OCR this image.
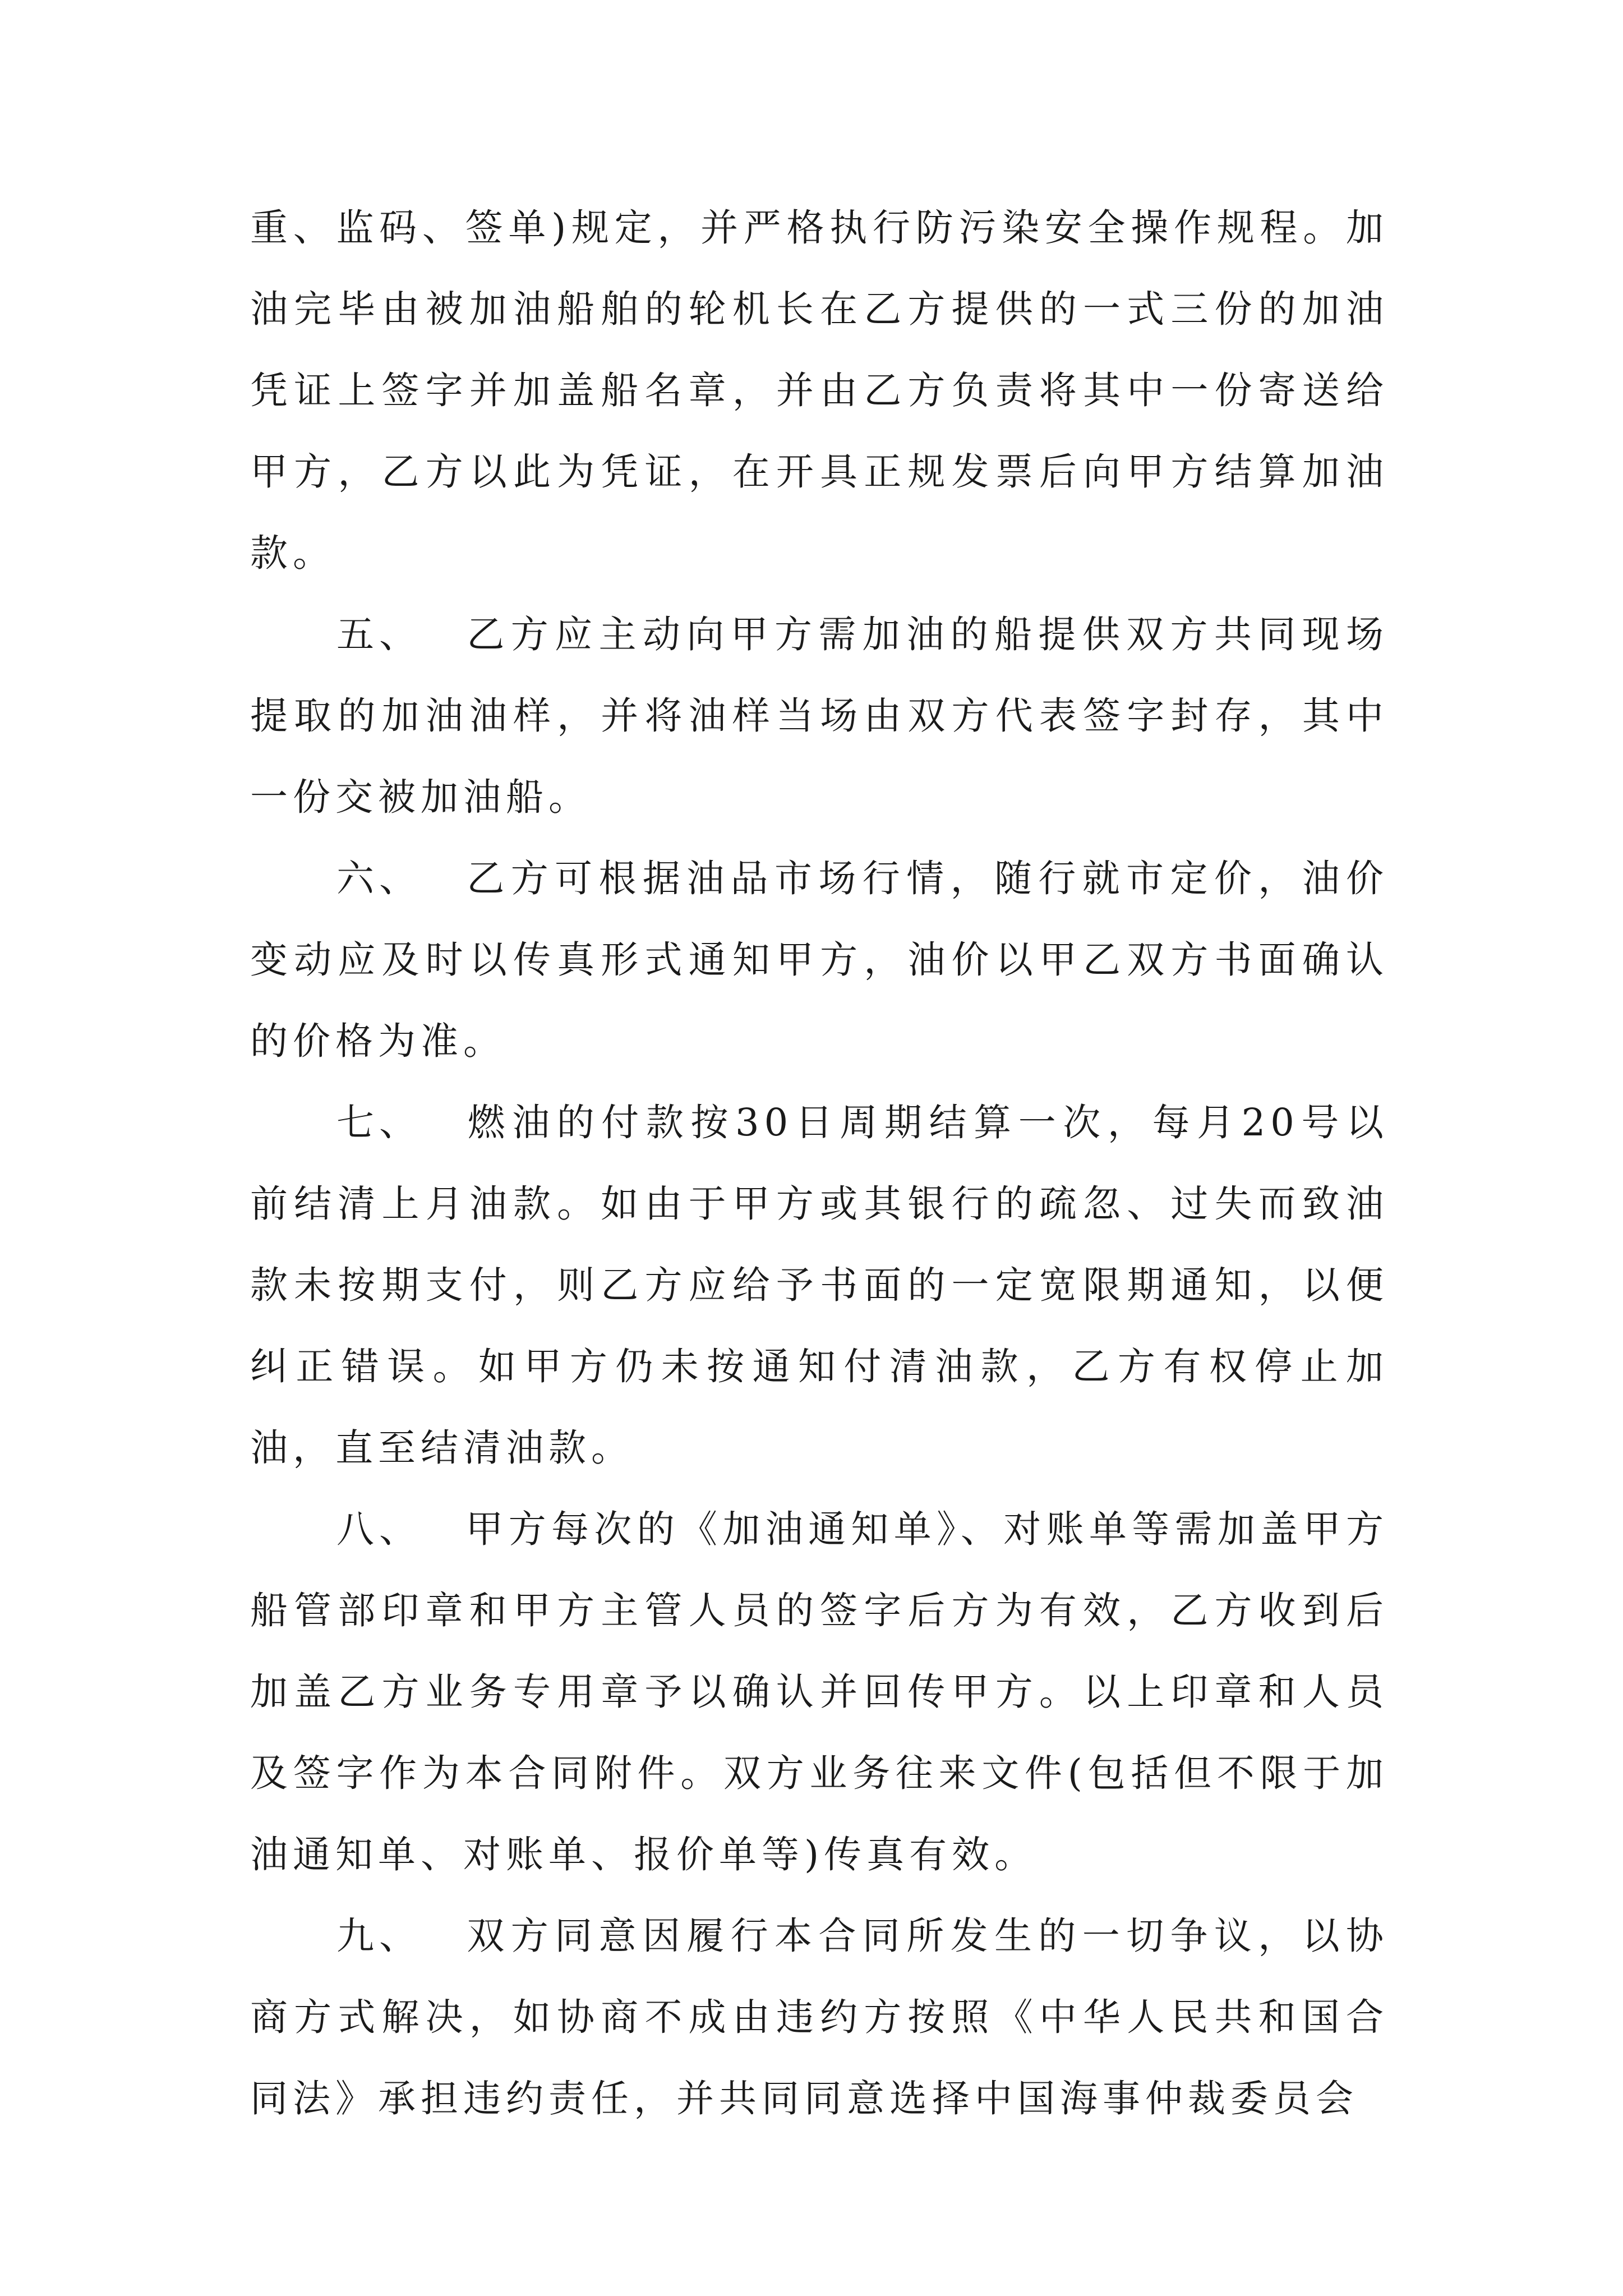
重、监码、签单)规定，并严格执行防污染安全操作规程。加油完毕由被加油船舶的轮机长在乙方提供的一式三份的加油凭证上签字并加盖船名章，并由乙方负责将其中一份寄送给甲方，乙方以此为凭证，在开具正规发票后向甲方结算加油款。

五、 乙方应主动向甲方需加油的船提供双方共同现场提取的加油油样，并将油样当场由双方代表签字封存，其中一份交被加油船。

六、 乙方可根据油品市场行情，随行就市定价，油价变动应及时以传真形式通知甲方，油价以甲乙双方书面确认的价格为准。

七、 燃油的付款按30日周期结算一次，每月20号以前结清上月油款。如由于甲方或其银行的疏忽、过失而致油款未按期支付，则乙方应给予书面的一定宽限期通知，以便纠正错误。如甲方仍未按通知付清油款，乙方有权停止加油，直至结清油款。

八、 甲方每次的《加油通知单》、对账单等需加盖甲方船管部印章和甲方主管人员的签字后方为有效，乙方收到后加盖乙方业务专用章予以确认并回传甲方。以上印章和人员及签字作为本合同附件。双方业务往来文件(包括但不限于加油通知单、对账单、报价单等)传真有效。

九、 双方同意因履行本合同所发生的一切争议，以协商方式解决，如协商不成由违约方按照《中华人民共和国合同法》承担违约责任，并共同同意选择中国海事仲裁委员会
